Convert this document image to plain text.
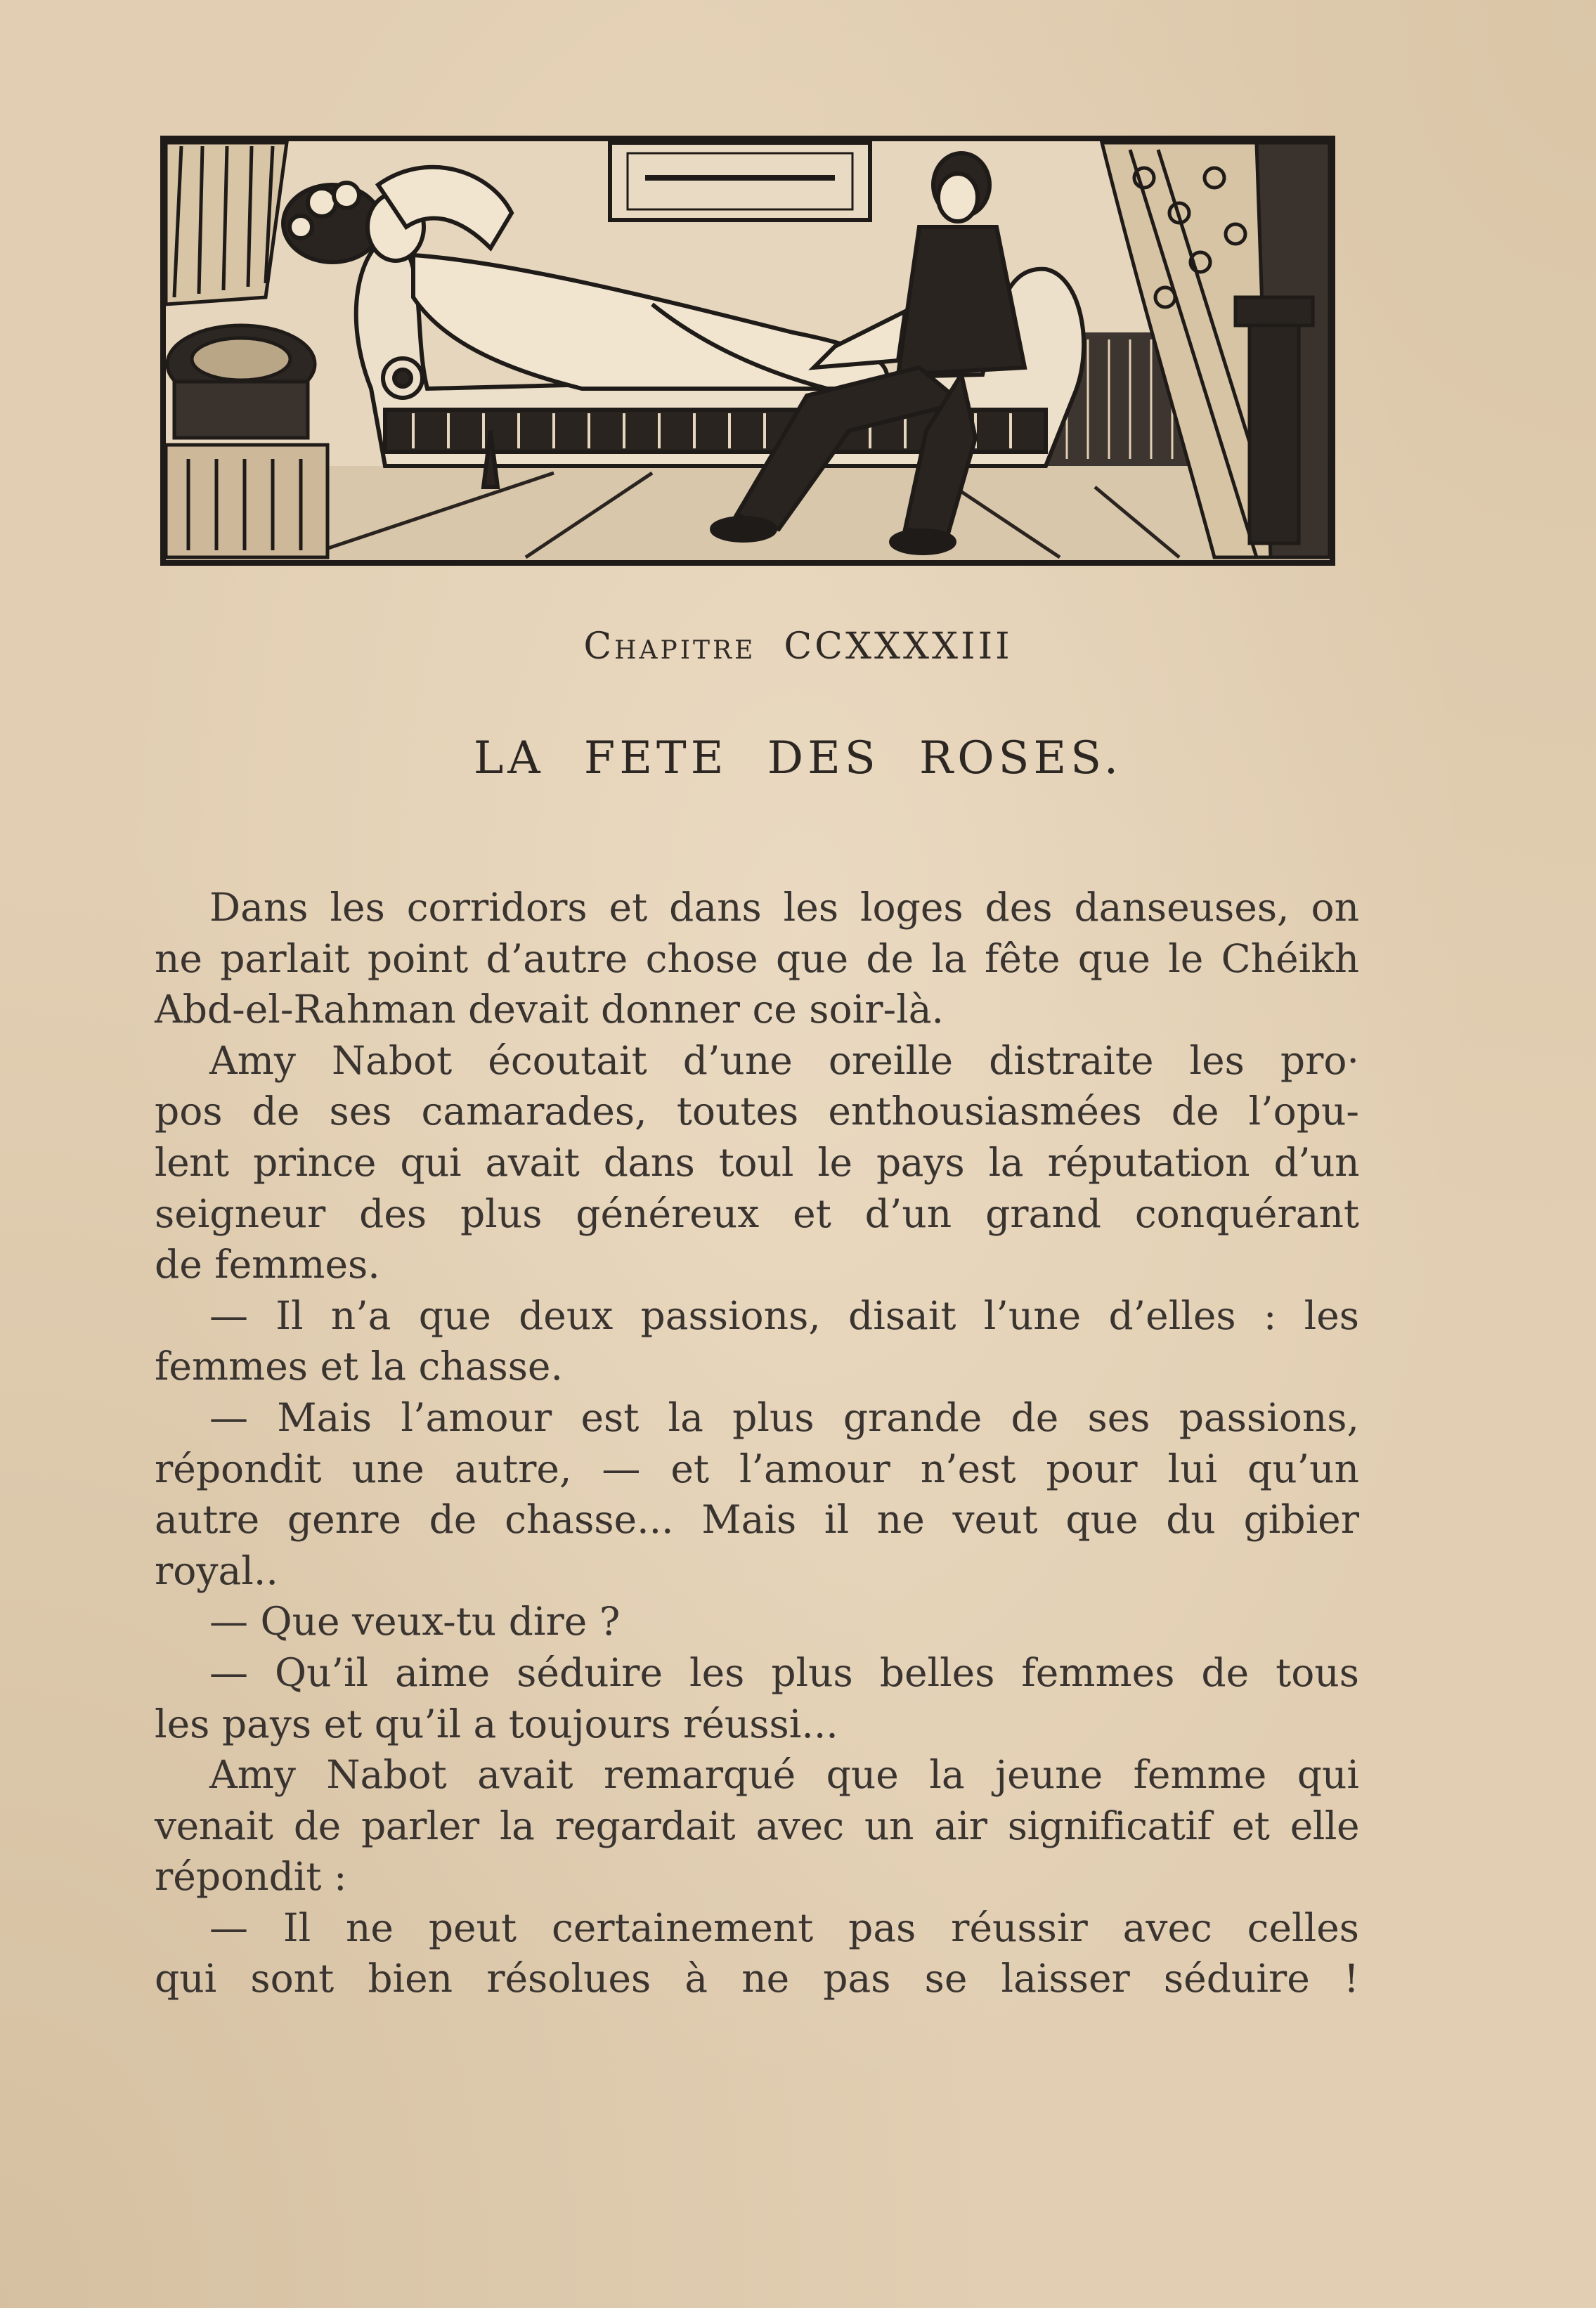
Chapitre CCXXXXIII
LA FETE DES ROSES.
Dans les corridors et dans les loges des danseuses, on
ne parlait point d’autre chose que de la fête que le Chéikh
Abd-el-Rahman devait donner ce soir-là.
Amy Nabot écoutait d’une oreille distraite les pro·
pos de ses camarades, toutes enthousiasmées de l’opu-
lent prince qui avait dans toul le pays la réputation d’un
seigneur des plus généreux et d’un grand conquérant
de femmes.
— Il n’a que deux passions, disait l’une d’elles : les
femmes et la chasse.
— Mais l’amour est la plus grande de ses passions,
répondit une autre, — et l’amour n’est pour lui qu’un
autre genre de chasse... Mais il ne veut que du gibier
royal..
— Que veux-tu dire ?
— Qu’il aime séduire les plus belles femmes de tous
les pays et qu’il a toujours réussi...
Amy Nabot avait remarqué que la jeune femme qui
venait de parler la regardait avec un air significatif et elle
répondit :
— Il ne peut certainement pas réussir avec celles
qui sont bien résolues à ne pas se laisser séduire !
